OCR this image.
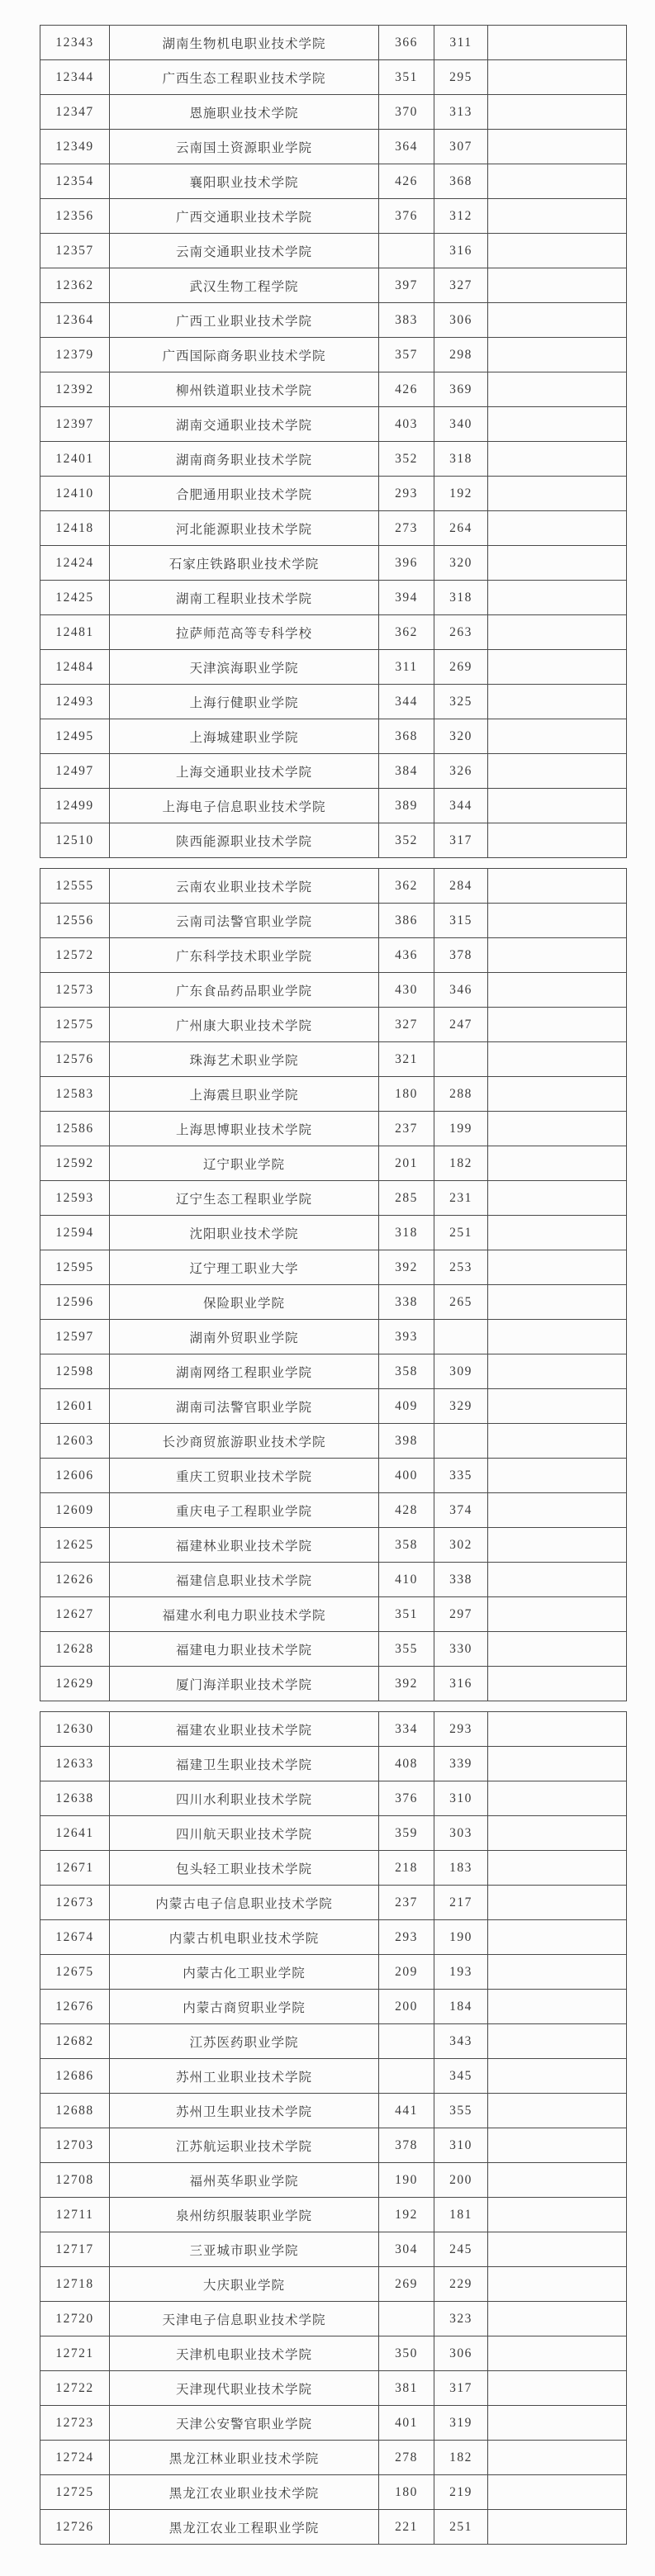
12343	湖南生物机电职业技术学院	366	311	
12344	广西生态工程职业技术学院	351	295	
12347	恩施职业技术学院	370	313	
12349	云南国土资源职业学院	364	307	
12354	襄阳职业技术学院	426	368	
12356	广西交通职业技术学院	376	312	
12357	云南交通职业技术学院		316	
12362	武汉生物工程学院	397	327	
12364	广西工业职业技术学院	383	306	
12379	广西国际商务职业技术学院	357	298	
12392	柳州铁道职业技术学院	426	369	
12397	湖南交通职业技术学院	403	340	
12401	湖南商务职业技术学院	352	318	
12410	合肥通用职业技术学院	293	192	
12418	河北能源职业技术学院	273	264	
12424	石家庄铁路职业技术学院	396	320	
12425	湖南工程职业技术学院	394	318	
12481	拉萨师范高等专科学校	362	263	
12484	天津滨海职业学院	311	269	
12493	上海行健职业学院	344	325	
12495	上海城建职业学院	368	320	
12497	上海交通职业技术学院	384	326	
12499	上海电子信息职业技术学院	389	344	
12510	陕西能源职业技术学院	352	317	
12555	云南农业职业技术学院	362	284	
12556	云南司法警官职业学院	386	315	
12572	广东科学技术职业学院	436	378	
12573	广东食品药品职业学院	430	346	
12575	广州康大职业技术学院	327	247	
12576	珠海艺术职业学院	321		
12583	上海震旦职业学院	180	288	
12586	上海思博职业技术学院	237	199	
12592	辽宁职业学院	201	182	
12593	辽宁生态工程职业学院	285	231	
12594	沈阳职业技术学院	318	251	
12595	辽宁理工职业大学	392	253	
12596	保险职业学院	338	265	
12597	湖南外贸职业学院	393		
12598	湖南网络工程职业学院	358	309	
12601	湖南司法警官职业学院	409	329	
12603	长沙商贸旅游职业技术学院	398		
12606	重庆工贸职业技术学院	400	335	
12609	重庆电子工程职业学院	428	374	
12625	福建林业职业技术学院	358	302	
12626	福建信息职业技术学院	410	338	
12627	福建水利电力职业技术学院	351	297	
12628	福建电力职业技术学院	355	330	
12629	厦门海洋职业技术学院	392	316	
12630	福建农业职业技术学院	334	293	
12633	福建卫生职业技术学院	408	339	
12638	四川水利职业技术学院	376	310	
12641	四川航天职业技术学院	359	303	
12671	包头轻工职业技术学院	218	183	
12673	内蒙古电子信息职业技术学院	237	217	
12674	内蒙古机电职业技术学院	293	190	
12675	内蒙古化工职业学院	209	193	
12676	内蒙古商贸职业学院	200	184	
12682	江苏医药职业学院		343	
12686	苏州工业职业技术学院		345	
12688	苏州卫生职业技术学院	441	355	
12703	江苏航运职业技术学院	378	310	
12708	福州英华职业学院	190	200	
12711	泉州纺织服装职业学院	192	181	
12717	三亚城市职业学院	304	245	
12718	大庆职业学院	269	229	
12720	天津电子信息职业技术学院		323	
12721	天津机电职业技术学院	350	306	
12722	天津现代职业技术学院	381	317	
12723	天津公安警官职业学院	401	319	
12724	黑龙江林业职业技术学院	278	182	
12725	黑龙江农业职业技术学院	180	219	
12726	黑龙江农业工程职业学院	221	251	
